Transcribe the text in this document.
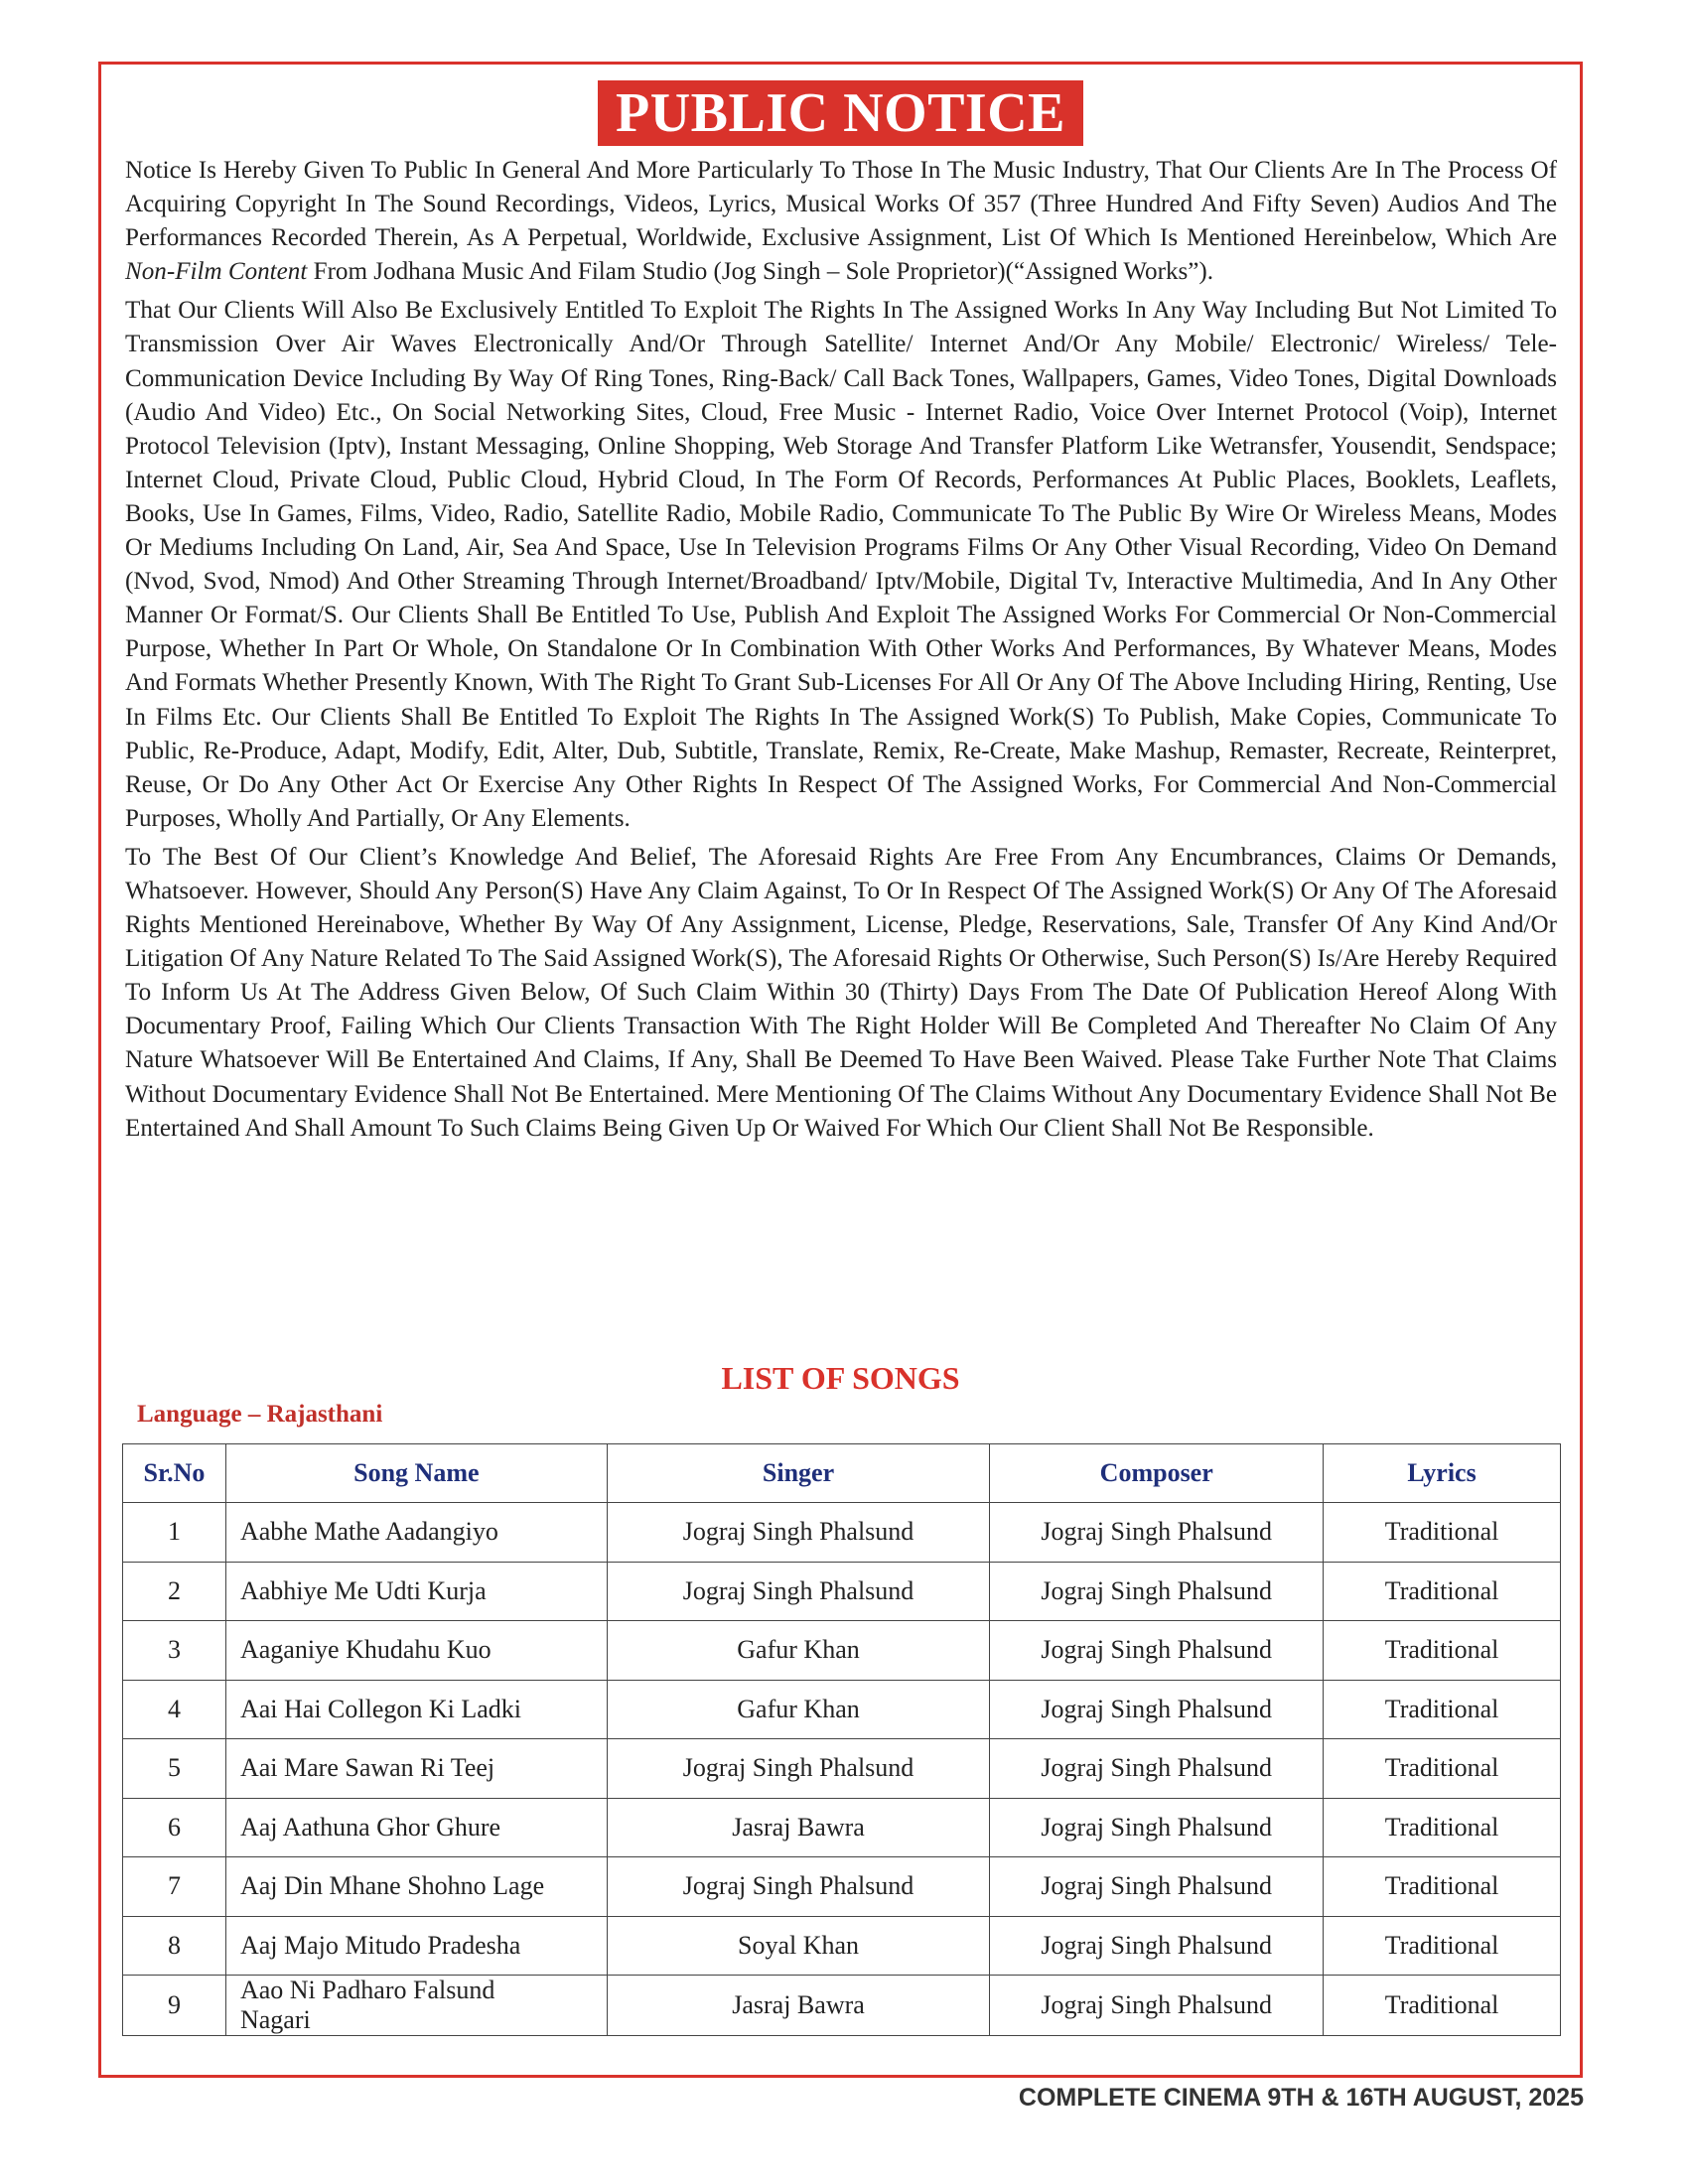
PUBLIC NOTICE

Notice Is Hereby Given To Public In General And More Particularly To Those In The Music Industry, That Our Clients Are In The Process Of Acquiring Copyright In The Sound Recordings, Videos, Lyrics, Musical Works Of 357 (Three Hundred And Fifty Seven) Audios And The Performances Recorded Therein, As A Perpetual, Worldwide, Exclusive Assignment, List Of Which Is Mentioned Hereinbelow, Which Are Non-Film Content From Jodhana Music And Filam Studio (Jog Singh – Sole Proprietor)(“Assigned Works”).

That Our Clients Will Also Be Exclusively Entitled To Exploit The Rights In The Assigned Works In Any Way Including But Not Limited To Transmission Over Air Waves Electronically And/Or Through Satellite/ Internet And/Or Any Mobile/ Electronic/ Wireless/ Tele-Communication Device Including By Way Of Ring Tones, Ring-Back/ Call Back Tones, Wallpapers, Games, Video Tones, Digital Downloads (Audio And Video) Etc., On Social Networking Sites, Cloud, Free Music - Internet Radio, Voice Over Internet Protocol (Voip), Internet Protocol Television (Iptv), Instant Messaging, Online Shopping, Web Storage And Transfer Platform Like Wetransfer, Yousendit, Sendspace; Internet Cloud, Private Cloud, Public Cloud, Hybrid Cloud, In The Form Of Records, Performances At Public Places, Booklets, Leaflets, Books, Use In Games, Films, Video, Radio, Satellite Radio, Mobile Radio, Communicate To The Public By Wire Or Wireless Means, Modes Or Mediums Including On Land, Air, Sea And Space, Use In Television Programs Films Or Any Other Visual Recording, Video On Demand (Nvod, Svod, Nmod) And Other Streaming Through Internet/Broadband/ Iptv/Mobile, Digital Tv, Interactive Multimedia, And In Any Other Manner Or Format/S. Our Clients Shall Be Entitled To Use, Publish And Exploit The Assigned Works For Commercial Or Non-Commercial Purpose, Whether In Part Or Whole, On Standalone Or In Combination With Other Works And Performances, By Whatever Means, Modes And Formats Whether Presently Known, With The Right To Grant Sub-Licenses For All Or Any Of The Above Including Hiring, Renting, Use In Films Etc. Our Clients Shall Be Entitled To Exploit The Rights In The Assigned Work(S) To Publish, Make Copies, Communicate To Public, Re-Produce, Adapt, Modify, Edit, Alter, Dub, Subtitle, Translate, Remix, Re-Create, Make Mashup, Remaster, Recreate, Reinterpret, Reuse, Or Do Any Other Act Or Exercise Any Other Rights In Respect Of The Assigned Works, For Commercial And Non-Commercial Purposes, Wholly And Partially, Or Any Elements.

To The Best Of Our Client’s Knowledge And Belief, The Aforesaid Rights Are Free From Any Encumbrances, Claims Or Demands, Whatsoever. However, Should Any Person(S) Have Any Claim Against, To Or In Respect Of The Assigned Work(S) Or Any Of The Aforesaid Rights Mentioned Hereinabove, Whether By Way Of Any Assignment, License, Pledge, Reservations, Sale, Transfer Of Any Kind And/Or Litigation Of Any Nature Related To The Said Assigned Work(S), The Aforesaid Rights Or Otherwise, Such Person(S) Is/Are Hereby Required To Inform Us At The Address Given Below, Of Such Claim Within 30 (Thirty) Days From The Date Of Publication Hereof Along With Documentary Proof, Failing Which Our Clients Transaction With The Right Holder Will Be Completed And Thereafter No Claim Of Any Nature Whatsoever Will Be Entertained And Claims, If Any, Shall Be Deemed To Have Been Waived. Please Take Further Note That Claims Without Documentary Evidence Shall Not Be Entertained. Mere Mentioning Of The Claims Without Any Documentary Evidence Shall Not Be Entertained And Shall Amount To Such Claims Being Given Up Or Waived For Which Our Client Shall Not Be Responsible.

LIST OF SONGS
Language – Rajasthani
Sr.No	Song Name	Singer	Composer	Lyrics
1	Aabhe Mathe Aadangiyo	Jograj Singh Phalsund	Jograj Singh Phalsund	Traditional
2	Aabhiye Me Udti Kurja	Jograj Singh Phalsund	Jograj Singh Phalsund	Traditional
3	Aaganiye Khudahu Kuo	Gafur Khan	Jograj Singh Phalsund	Traditional
4	Aai Hai Collegon Ki Ladki	Gafur Khan	Jograj Singh Phalsund	Traditional
5	Aai Mare Sawan Ri Teej	Jograj Singh Phalsund	Jograj Singh Phalsund	Traditional
6	Aaj Aathuna Ghor Ghure	Jasraj Bawra	Jograj Singh Phalsund	Traditional
7	Aaj Din Mhane Shohno Lage	Jograj Singh Phalsund	Jograj Singh Phalsund	Traditional
8	Aaj Majo Mitudo Pradesha	Soyal Khan	Jograj Singh Phalsund	Traditional
9	Aao Ni Padharo Falsund Nagari	Jasraj Bawra	Jograj Singh Phalsund	Traditional
COMPLETE CINEMA 9TH & 16TH AUGUST, 2025
